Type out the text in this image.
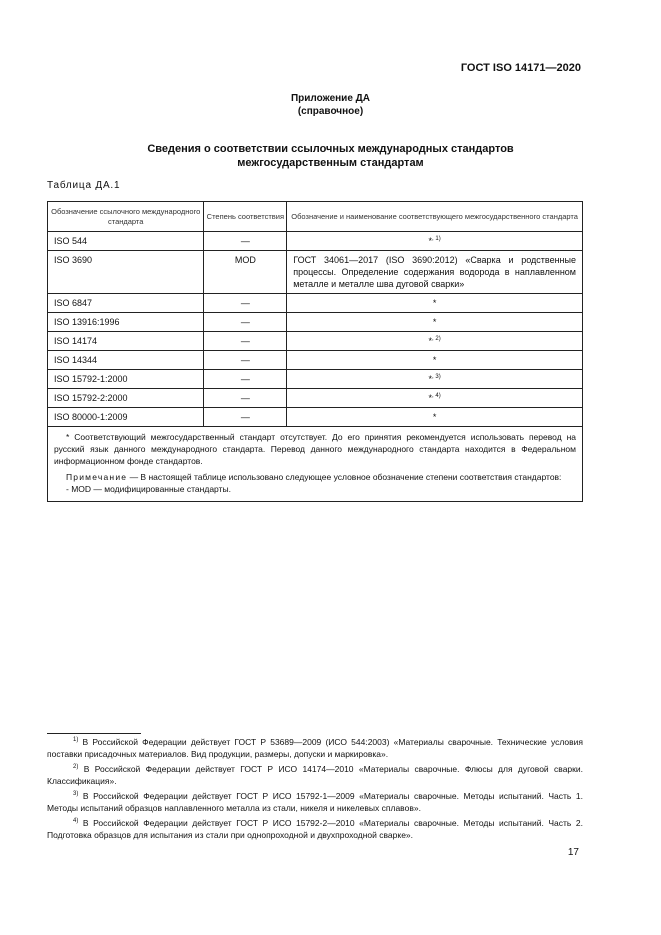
ГОСТ ISO 14171—2020
Приложение ДА
(справочное)
Сведения о соответствии ссылочных международных стандартов
межгосударственным стандартам
Таблица ДА.1
Обозначение ссылочного международного стандарта	Степень соответствия	Обозначение и наименование соответствующего межгосударственного стандарта
ISO 544	—	*$^{, 1)}$
ISO 3690	MOD	ГОСТ 34061—2017 (ISO 3690:2012) «Сварка и родственные процессы. Определение содержания водорода в наплавленном металле и металле шва дуговой сварки»
ISO 6847	—	*
ISO 13916:1996	—	*
ISO 14174	—	*$^{, 2)}$
ISO 14344	—	*
ISO 15792-1:2000	—	*$^{, 3)}$
ISO 15792-2:2000	—	*$^{, 4)}$
ISO 80000-1:2009	—	*

* Соответствующий межгосударственный стандарт отсутствует. До его принятия рекомендуется использовать перевод на русский язык данного международного стандарта. Перевод данного международного стандарта находится в Федеральном информационном фонде стандартов.

Примечание — В настоящей таблице использовано следующее условное обозначение степени соответствия стандартов:

- MOD — модифицированные стандарты.		

$^{1)}$ В Российской Федерации действует ГОСТ Р 53689—2009 (ИСО 544:2003) «Материалы сварочные. Технические условия поставки присадочных материалов. Вид продукции, размеры, допуски и маркировка».

$^{2)}$ В Российской Федерации действует ГОСТ Р ИСО 14174—2010 «Материалы сварочные. Флюсы для дуговой сварки. Классификация».

$^{3)}$ В Российской Федерации действует ГОСТ Р ИСО 15792-1—2009 «Материалы сварочные. Методы испытаний. Часть 1. Методы испытаний образцов наплавленного металла из стали, никеля и никелевых сплавов».

$^{4)}$ В Российской Федерации действует ГОСТ Р ИСО 15792-2—2010 «Материалы сварочные. Методы испытаний. Часть 2. Подготовка образцов для испытания из стали при однопроходной и двухпроходной сварке».

17
